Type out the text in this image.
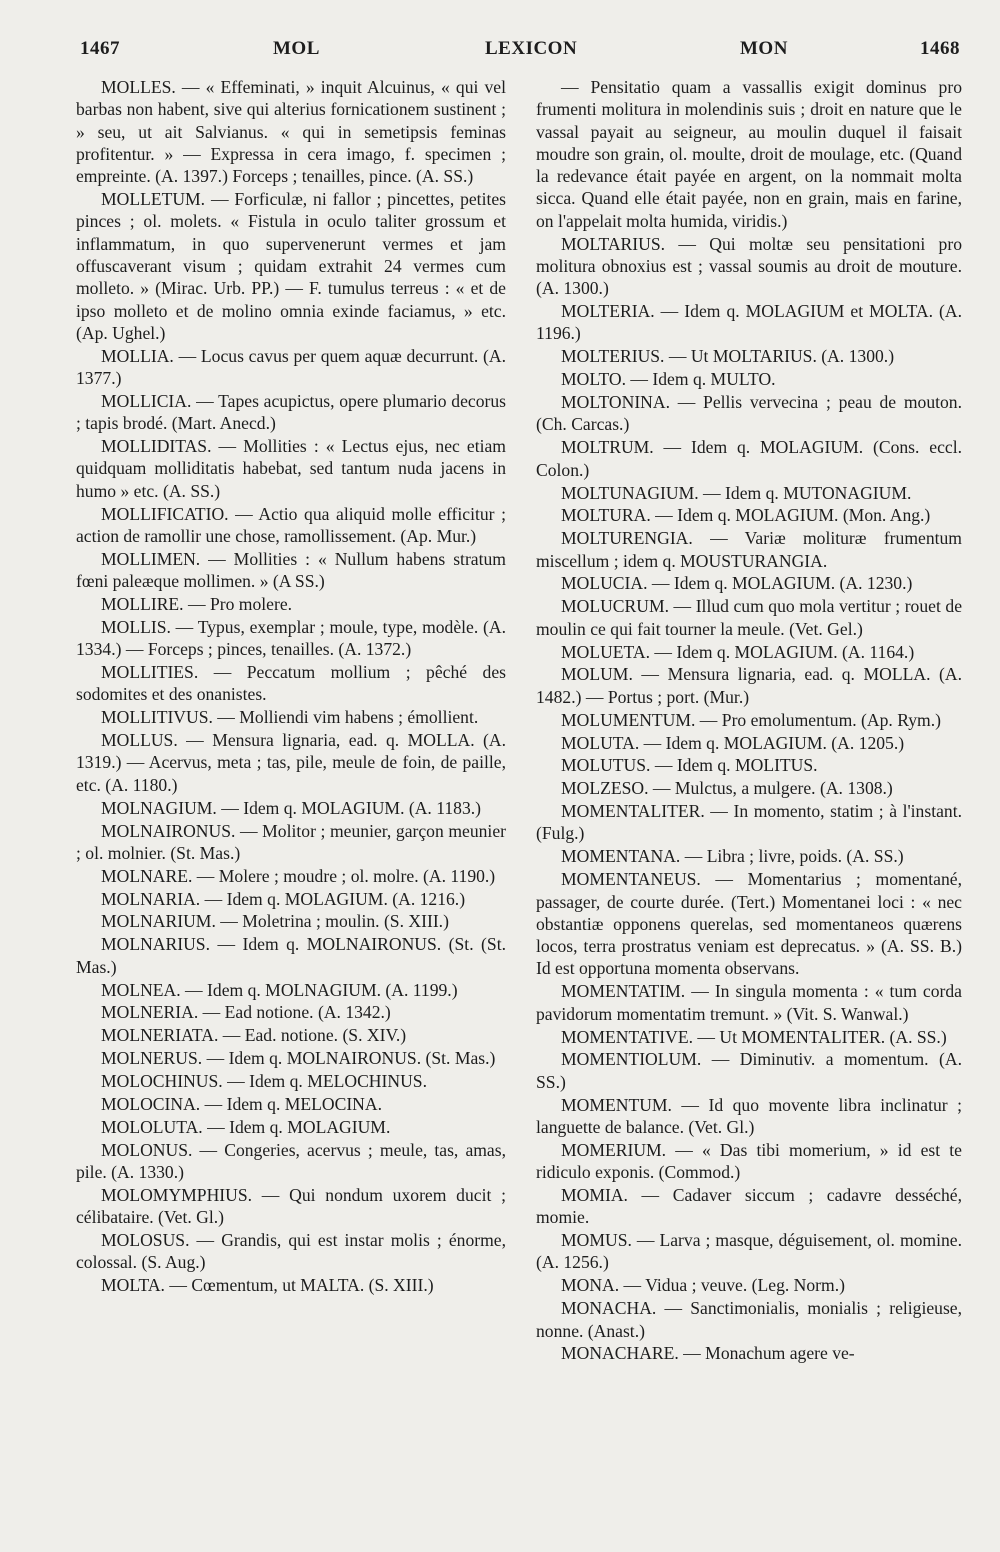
1467	MOL	LEXICON	MON	1468

MOLLES. — « Effeminati, » inquit Alcuinus, « qui vel barbas non habent, sive qui alterius fornicationem sustinent ; » seu, ut ait Salvianus. « qui in semetipsis feminas profitentur. » — Expressa in cera imago, f. specimen ; empreinte. (A. 1397.) Forceps ; tenailles, pince. (A. SS.)

MOLLETUM. — Forficulæ, ni fallor ; pincettes, petites pinces ; ol. molets. « Fistula in oculo taliter grossum et inflammatum, in quo supervenerunt vermes et jam offuscaverant visum ; quidam extrahit 24 vermes cum molleto. » (Mirac. Urb. PP.) — F. tumulus terreus : « et de ipso molleto et de molino omnia exinde faciamus, » etc. (Ap. Ughel.)

MOLLIA. — Locus cavus per quem aquæ decurrunt. (A. 1377.)

MOLLICIA. — Tapes acupictus, opere plumario decorus ; tapis brodé. (Mart. Anecd.)

MOLLIDITAS. — Mollities : « Lectus ejus, nec etiam quidquam molliditatis habebat, sed tantum nuda jacens in humo » etc. (A. SS.)

MOLLIFICATIO. — Actio qua aliquid molle efficitur ; action de ramollir une chose, ramollissement. (Ap. Mur.)

MOLLIMEN. — Mollities : « Nullum habens stratum fœni paleæque mollimen. » (A SS.)

MOLLIRE. — Pro molere.

MOLLIS. — Typus, exemplar ; moule, type, modèle. (A. 1334.) — Forceps ; pinces, tenailles. (A. 1372.)

MOLLITIES. — Peccatum mollium ; pêché des sodomites et des onanistes.

MOLLITIVUS. — Molliendi vim habens ; émollient.

MOLLUS. — Mensura lignaria, ead. q. MOLLA. (A. 1319.) — Acervus, meta ; tas, pile, meule de foin, de paille, etc. (A. 1180.)

MOLNAGIUM. — Idem q. MOLAGIUM. (A. 1183.)

MOLNAIRONUS. — Molitor ; meunier, garçon meunier ; ol. molnier. (St. Mas.)

MOLNARE. — Molere ; moudre ; ol. molre. (A. 1190.)

MOLNARIA. — Idem q. MOLAGIUM. (A. 1216.)

MOLNARIUM. — Moletrina ; moulin. (S. XIII.)

MOLNARIUS. — Idem q. MOLNAIRONUS. (St. (St. Mas.)

MOLNEA. — Idem q. MOLNAGIUM. (A. 1199.)

MOLNERIA. — Ead notione. (A. 1342.)

MOLNERIATA. — Ead. notione. (S. XIV.)

MOLNERUS. — Idem q. MOLNAIRONUS. (St. Mas.)

MOLOCHINUS. — Idem q. MELOCHINUS.

MOLOCINA. — Idem q. MELOCINA.

MOLOLUTA. — Idem q. MOLAGIUM.

MOLONUS. — Congeries, acervus ; meule, tas, amas, pile. (A. 1330.)

MOLOMYMPHIUS. — Qui nondum uxorem ducit ; célibataire. (Vet. Gl.)

MOLOSUS. — Grandis, qui est instar molis ; énorme, colossal. (S. Aug.)

MOLTA. — Cœmentum, ut MALTA. (S. XIII.)

— Pensitatio quam a vassallis exigit dominus pro frumenti molitura in molendinis suis ; droit en nature que le vassal payait au seigneur, au moulin duquel il faisait moudre son grain, ol. moulte, droit de moulage, etc. (Quand la redevance était payée en argent, on la nommait molta sicca. Quand elle était payée, non en grain, mais en farine, on l'appelait molta humida, viridis.)

MOLTARIUS. — Qui moltæ seu pensitationi pro molitura obnoxius est ; vassal soumis au droit de mouture. (A. 1300.)

MOLTERIA. — Idem q. MOLAGIUM et MOLTA. (A. 1196.)

MOLTERIUS. — Ut MOLTARIUS. (A. 1300.)

MOLTO. — Idem q. MULTO.

MOLTONINA. — Pellis vervecina ; peau de mouton. (Ch. Carcas.)

MOLTRUM. — Idem q. MOLAGIUM. (Cons. eccl. Colon.)

MOLTUNAGIUM. — Idem q. MUTONAGIUM.

MOLTURA. — Idem q. MOLAGIUM. (Mon. Ang.)

MOLTURENGIA. — Variæ molituræ frumentum miscellum ; idem q. MOUSTURANGIA.

MOLUCIA. — Idem q. MOLAGIUM. (A. 1230.)

MOLUCRUM. — Illud cum quo mola vertitur ; rouet de moulin ce qui fait tourner la meule. (Vet. Gel.)

MOLUETA. — Idem q. MOLAGIUM. (A. 1164.)

MOLUM. — Mensura lignaria, ead. q. MOLLA. (A. 1482.) — Portus ; port. (Mur.)

MOLUMENTUM. — Pro emolumentum. (Ap. Rym.)

MOLUTA. — Idem q. MOLAGIUM. (A. 1205.)

MOLUTUS. — Idem q. MOLITUS.

MOLZESO. — Mulctus, a mulgere. (A. 1308.)

MOMENTALITER. — In momento, statim ; à l'instant. (Fulg.)

MOMENTANA. — Libra ; livre, poids. (A. SS.)

MOMENTANEUS. — Momentarius ; momentané, passager, de courte durée. (Tert.) Momentanei loci : « nec obstantiæ opponens querelas, sed momentaneos quærens locos, terra prostratus veniam est deprecatus. » (A. SS. B.) Id est opportuna momenta observans.

MOMENTATIM. — In singula momenta : « tum corda pavidorum momentatim tremunt. » (Vit. S. Wanwal.)

MOMENTATIVE. — Ut MOMENTALITER. (A. SS.)

MOMENTIOLUM. — Diminutiv. a momentum. (A. SS.)

MOMENTUM. — Id quo movente libra inclinatur ; languette de balance. (Vet. Gl.)

MOMERIUM. — « Das tibi momerium, » id est te ridiculo exponis. (Commod.)

MOMIA. — Cadaver siccum ; cadavre desséché, momie.

MOMUS. — Larva ; masque, déguisement, ol. momine. (A. 1256.)

MONA. — Vidua ; veuve. (Leg. Norm.)

MONACHA. — Sanctimonialis, monialis ; religieuse, nonne. (Anast.)

MONACHARE. — Monachum agere ve-
